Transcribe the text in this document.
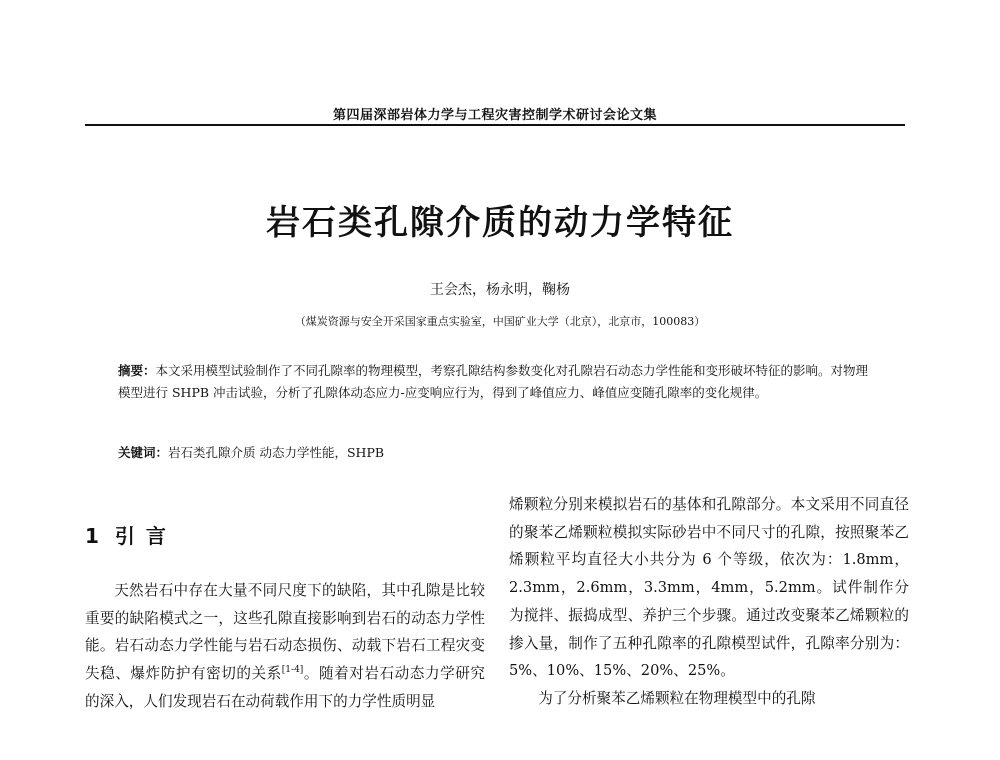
第四届深部岩体力学与工程灾害控制学术研讨会论文集
岩石类孔隙介质的动力学特征
王会杰，杨永明，鞠杨
（煤炭资源与安全开采国家重点实验室，中国矿业大学（北京），北京市，100083）
摘要：本文采用模型试验制作了不同孔隙率的物理模型，考察孔隙结构参数变化对孔隙岩石动态力学性能和变形破坏特征的影响。对物理模型进行 SHPB 冲击试验，分析了孔隙体动态应力-应变响应行为，得到了峰值应力、峰值应变随孔隙率的变化规律。
关键词：岩石类孔隙介质 动态力学性能，SHPB
1 引 言

天然岩石中存在大量不同尺度下的缺陷，其中孔隙是比较重要的缺陷模式之一，这些孔隙直接影响到岩石的动态力学性能。岩石动态力学性能与岩石动态损伤、动载下岩石工程灾变失稳、爆炸防护有密切的关系[1-4]。随着对岩石动态力学研究的深入，人们发现岩石在动荷载作用下的力学性质明显

烯颗粒分别来模拟岩石的基体和孔隙部分。本文采用不同直径的聚苯乙烯颗粒模拟实际砂岩中不同尺寸的孔隙，按照聚苯乙烯颗粒平均直径大小共分为 6 个等级，依次为：1.8mm，2.3mm，2.6mm，3.3mm，4mm，5.2mm。试件制作分为搅拌、振捣成型、养护三个步骤。通过改变聚苯乙烯颗粒的掺入量，制作了五种孔隙率的孔隙模型试件，孔隙率分别为：5%、10%、15%、20%、25%。

为了分析聚苯乙烯颗粒在物理模型中的孔隙
